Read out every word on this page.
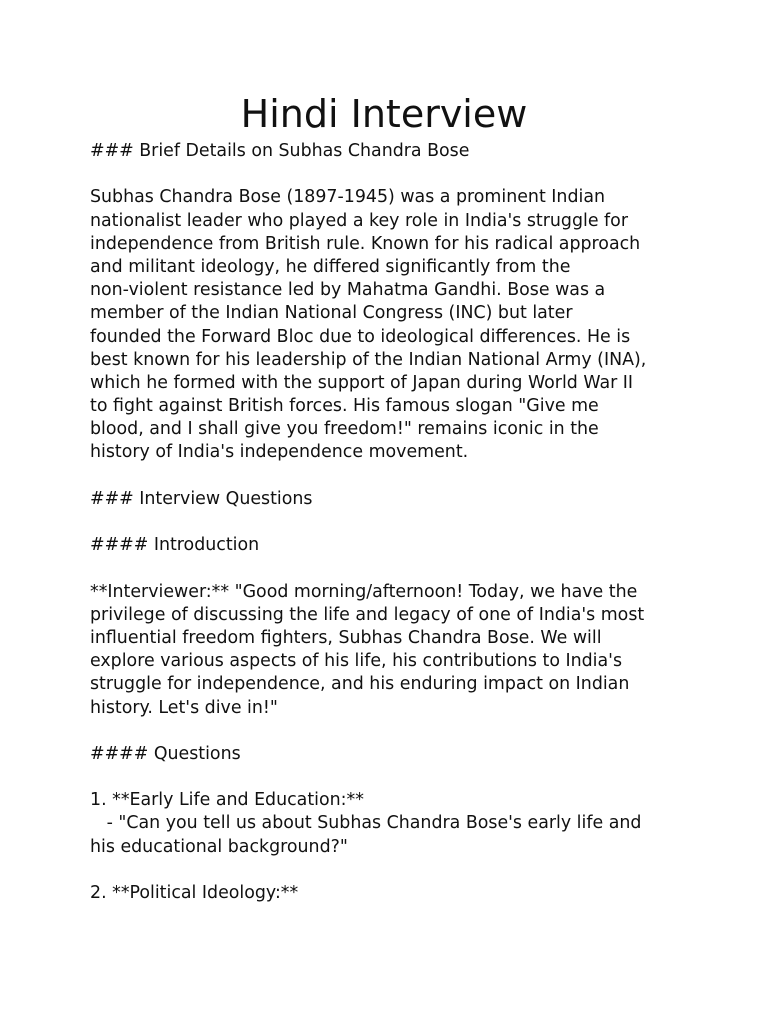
Hindi Interview
### Brief Details on Subhas Chandra Bose
Subhas Chandra Bose (1897-1945) was a prominent Indian
nationalist leader who played a key role in India's struggle for
independence from British rule. Known for his radical approach
and militant ideology, he differed significantly from the
non-violent resistance led by Mahatma Gandhi. Bose was a
member of the Indian National Congress (INC) but later
founded the Forward Bloc due to ideological differences. He is
best known for his leadership of the Indian National Army (INA),
which he formed with the support of Japan during World War II
to fight against British forces. His famous slogan "Give me
blood, and I shall give you freedom!" remains iconic in the
history of India's independence movement.
### Interview Questions
#### Introduction
**Interviewer:** "Good morning/afternoon! Today, we have the
privilege of discussing the life and legacy of one of India's most
influential freedom fighters, Subhas Chandra Bose. We will
explore various aspects of his life, his contributions to India's
struggle for independence, and his enduring impact on Indian
history. Let's dive in!"
#### Questions
1. **Early Life and Education:**
- "Can you tell us about Subhas Chandra Bose's early life and
his educational background?"
2. **Political Ideology:**
